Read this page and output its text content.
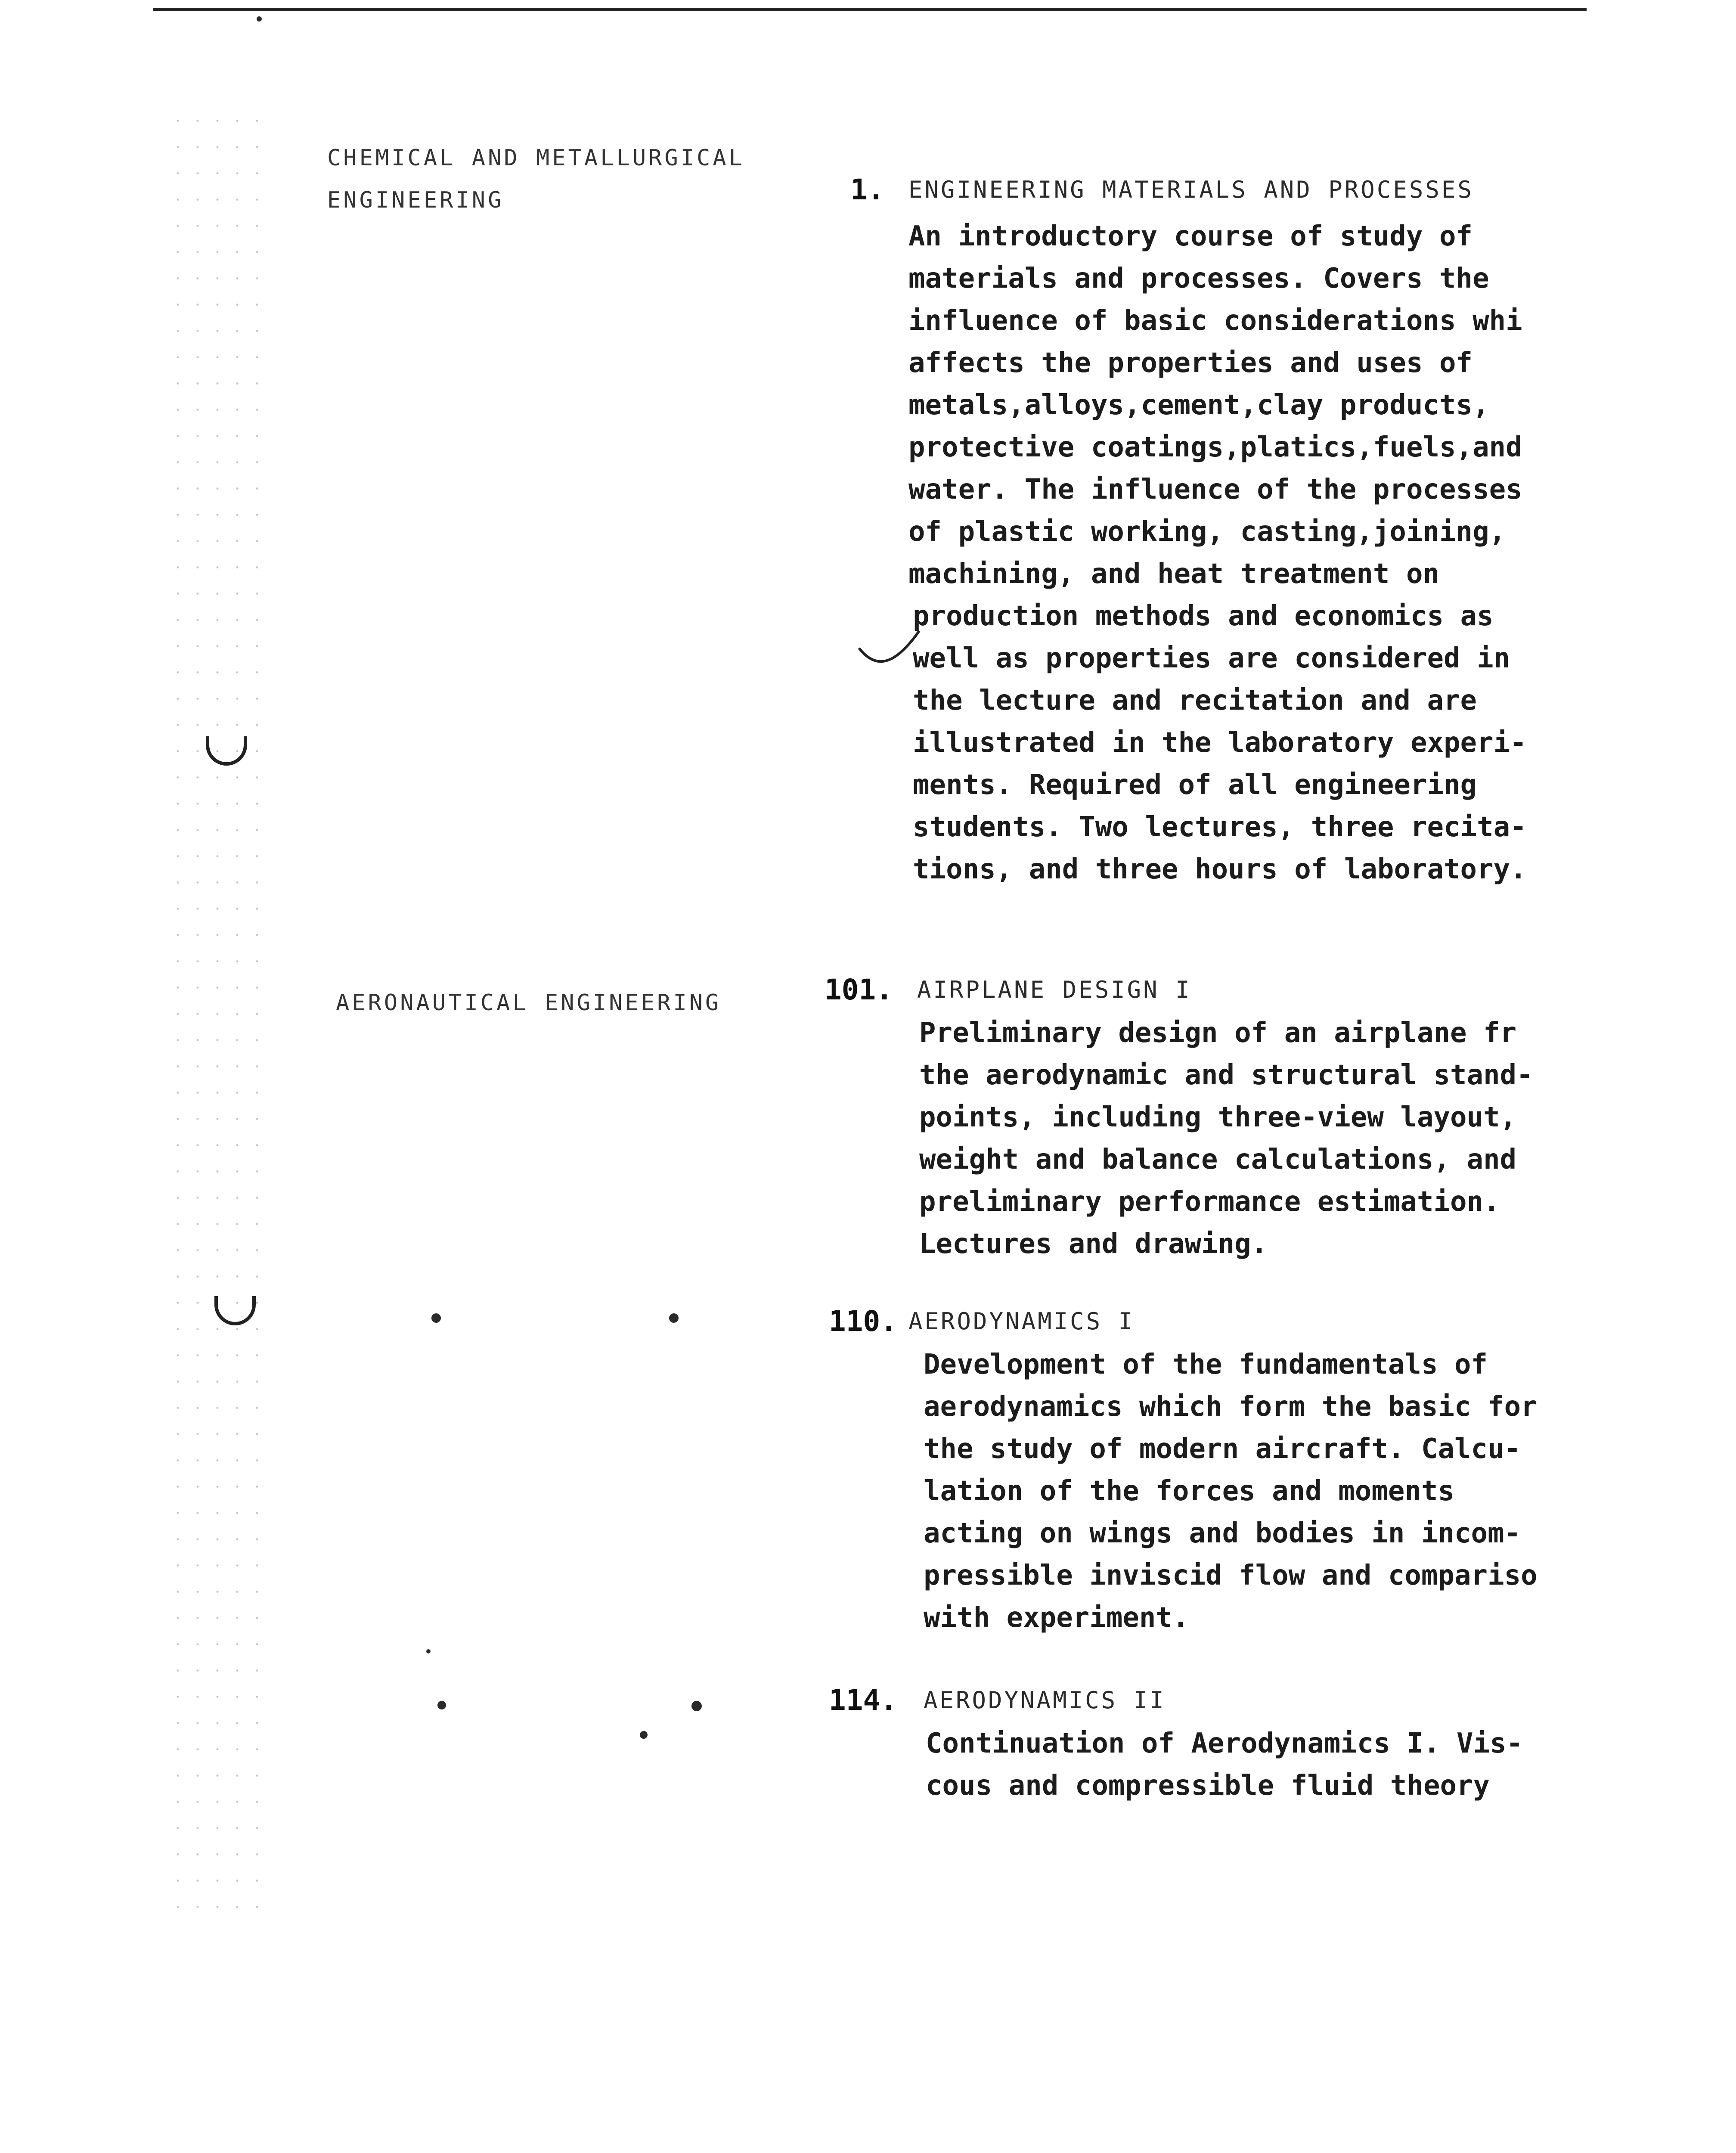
CHEMICAL AND METALLURGICAL
ENGINEERING
AERONAUTICAL ENGINEERING
1. ENGINEERING MATERIALS AND PROCESSES
An introductory course of study of
materials and processes. Covers the
influence of basic considerations whi
affects the properties and uses of
metals,alloys,cement,clay products,
protective coatings,platics,fuels,and
water. The influence of the processes
of plastic working, casting,joining,
machining, and heat treatment on
production methods and economics as
well as properties are considered in
the lecture and recitation and are
illustrated in the laboratory experi-
ments. Required of all engineering
students. Two lectures, three recita-
tions, and three hours of laboratory.
101. AIRPLANE DESIGN I
Preliminary design of an airplane fr
the aerodynamic and structural stand-
points, including three-view layout,
weight and balance calculations, and
preliminary performance estimation.
Lectures and drawing.
110. AERODYNAMICS I
Development of the fundamentals of
aerodynamics which form the basic for
the study of modern aircraft. Calcu-
lation of the forces and moments
acting on wings and bodies in incom-
pressible inviscid flow and compariso
with experiment.
114. AERODYNAMICS II
Continuation of Aerodynamics I. Vis-
cous and compressible fluid theory
